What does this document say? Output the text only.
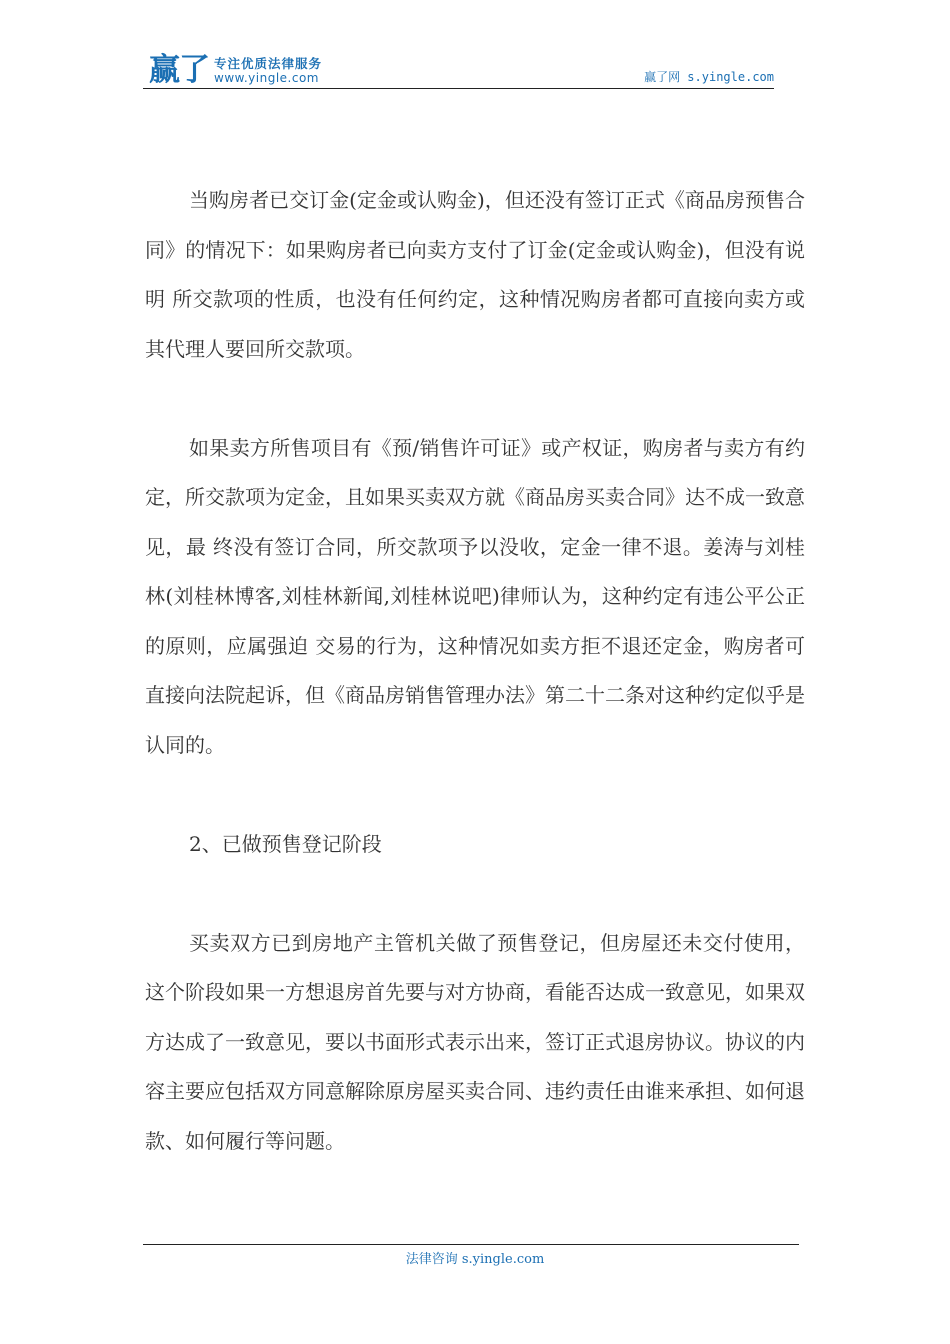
赢了 专注优质法律服务
www.yingle.com	赢了网 s.yingle.com

当购房者已交订金(定金或认购金)，但还没有签订正式《商品房预售合同》的情况下：如果购房者已向卖方支付了订金(定金或认购金)，但没有说明 所交款项的性质，也没有任何约定，这种情况购房者都可直接向卖方或其代理人要回所交款项。

如果卖方所售项目有《预/销售许可证》或产权证，购房者与卖方有约定，所交款项为定金，且如果买卖双方就《商品房买卖合同》达不成一致意见，最 终没有签订合同，所交款项予以没收，定金一律不退。姜涛与刘桂林(刘桂林博客,刘桂林新闻,刘桂林说吧)律师认为，这种约定有违公平公正的原则，应属强迫 交易的行为，这种情况如卖方拒不退还定金，购房者可直接向法院起诉，但《商品房销售管理办法》第二十二条对这种约定似乎是认同的。

2、已做预售登记阶段

买卖双方已到房地产主管机关做了预售登记，但房屋还未交付使用，这个阶段如果一方想退房首先要与对方协商，看能否达成一致意见，如果双方达成了一致意见，要以书面形式表示出来，签订正式退房协议。协议的内容主要应包括双方同意解除原房屋买卖合同、违约责任由谁来承担、如何退款、如何履行等问题。

法律咨询 s.yingle.com
